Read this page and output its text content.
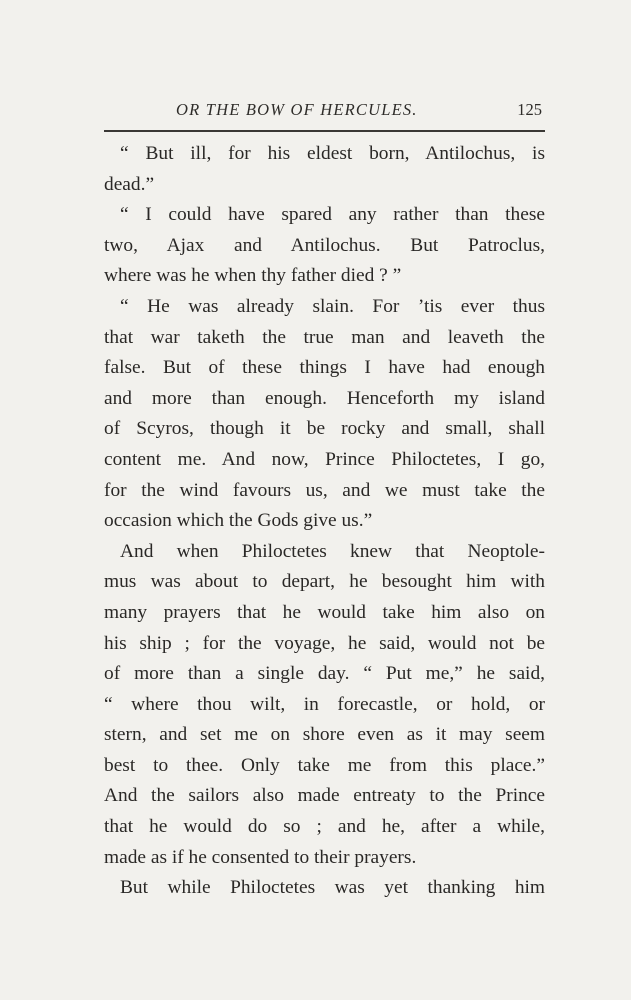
OR THE BOW OF HERCULES.	125
“ But ill, for his eldest born, Antilochus, is
dead.”
“ I could have spared any rather than these
two, Ajax and Antilochus. But Patroclus,
where was he when thy father died ? ”
“ He was already slain. For ’tis ever thus
that war taketh the true man and leaveth the
false. But of these things I have had enough
and more than enough. Henceforth my island
of Scyros, though it be rocky and small, shall
content me. And now, Prince Philoctetes, I go,
for the wind favours us, and we must take the
occasion which the Gods give us.”
And when Philoctetes knew that Neoptole-
mus was about to depart, he besought him with
many prayers that he would take him also on
his ship ; for the voyage, he said, would not be
of more than a single day. “ Put me,” he said,
“ where thou wilt, in forecastle, or hold, or
stern, and set me on shore even as it may seem
best to thee. Only take me from this place.”
And the sailors also made entreaty to the Prince
that he would do so ; and he, after a while,
made as if he consented to their prayers.
But while Philoctetes was yet thanking him
